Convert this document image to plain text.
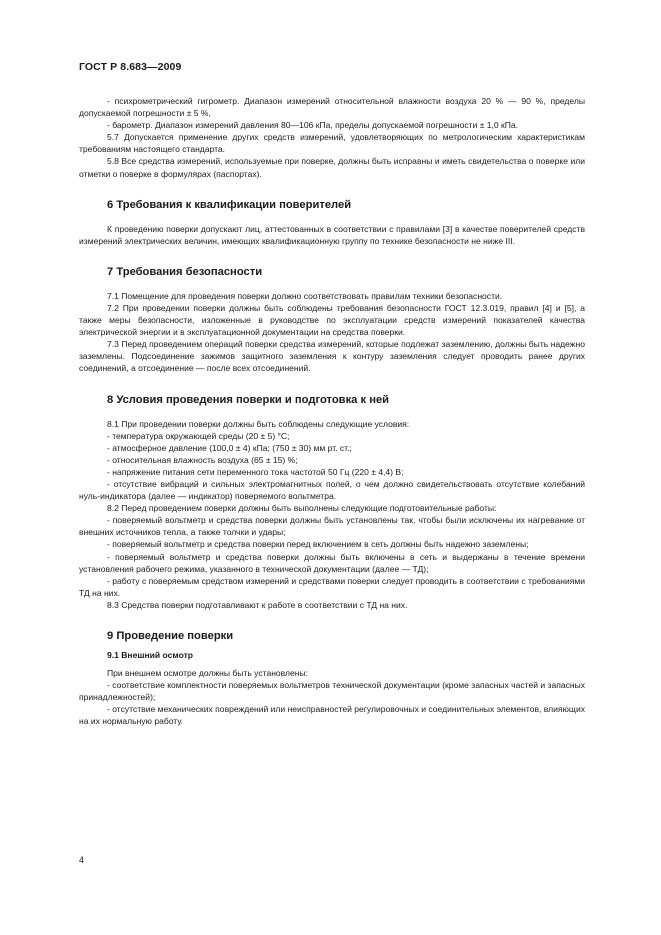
ГОСТ Р 8.683—2009

- психрометрический гигрометр. Диапазон измерений относительной влажности воздуха 20 % — 90 %, пределы допускаемой погрешности ± 5 %,

- барометр. Диапазон измерений давления 80—106 кПа, пределы допускаемой погрешности ± 1,0 кПа.

5.7 Допускается применение других средств измерений, удовлетворяющих по метрологическим характеристикам требованиям настоящего стандарта.

5.8 Все средства измерений, используемые при поверке, должны быть исправны и иметь свидетельства о поверке или отметки о поверке в формулярах (паспортах).

6 Требования к квалификации поверителей

К проведению поверки допускают лиц, аттестованных в соответствии с правилами [3] в качестве поверителей средств измерений электрических величин, имеющих квалификационную группу по технике безопасности не ниже III.

7 Требования безопасности

7.1 Помещение для проведения поверки должно соответствовать правилам техники безопасности.

7.2 При проведении поверки должны быть соблюдены требования безопасности ГОСТ 12.3.019, правил [4] и [5], а также меры безопасности, изложенные в руководстве по эксплуатации средств измерений показателей качества электрической энергии и в эксплуатационной документации на средства поверки.

7.3 Перед проведением операций поверки средства измерений, которые подлежат заземлению, должны быть надежно заземлены. Подсоединение зажимов защитного заземления к контуру заземления следует проводить ранее других соединений, а отсоединение — после всех отсоединений.

8 Условия проведения поверки и подготовка к ней

8.1 При проведении поверки должны быть соблюдены следующие условия:

- температура окружающей среды (20 ± 5) °С;

- атмосферное давление (100,0 ± 4) кПа; (750 ± 30) мм рт. ст.;

- относительная влажность воздуха (65 ± 15) %;

- напряжение питания сети переменного тока частотой 50 Гц (220 ± 4,4) В;

- отсутствие вибраций и сильных электромагнитных полей, о чем должно свидетельствовать отсутствие колебаний нуль-индикатора (далее — индикатор) поверяемого вольтметра.

8.2 Перед проведением поверки должны быть выполнены следующие подготовительные работы:

- поверяемый вольтметр и средства поверки должны быть установлены так, чтобы были исключены их нагревание от внешних источников тепла, а также толчки и удары;

- поверяемый вольтметр и средства поверки перед включением в сеть должны быть надежно заземлены;

- поверяемый вольтметр и средства поверки должны быть включены в сеть и выдержаны в течение времени установления рабочего режима, указанного в технической документации (далее — ТД);

- работу с поверяемым средством измерений и средствами поверки следует проводить в соответствии с требованиями ТД на них.

8.3 Средства поверки подготавливают к работе в соответствии с ТД на них.

9 Проведение поверки
9.1 Внешний осмотр

При внешнем осмотре должны быть установлены:

- соответствие комплектности поверяемых вольтметров технической документации (кроме запасных частей и запасных принадлежностей);

- отсутствие механических повреждений или неисправностей регулировочных и соединительных элементов, влияющих на их нормальную работу.

4
